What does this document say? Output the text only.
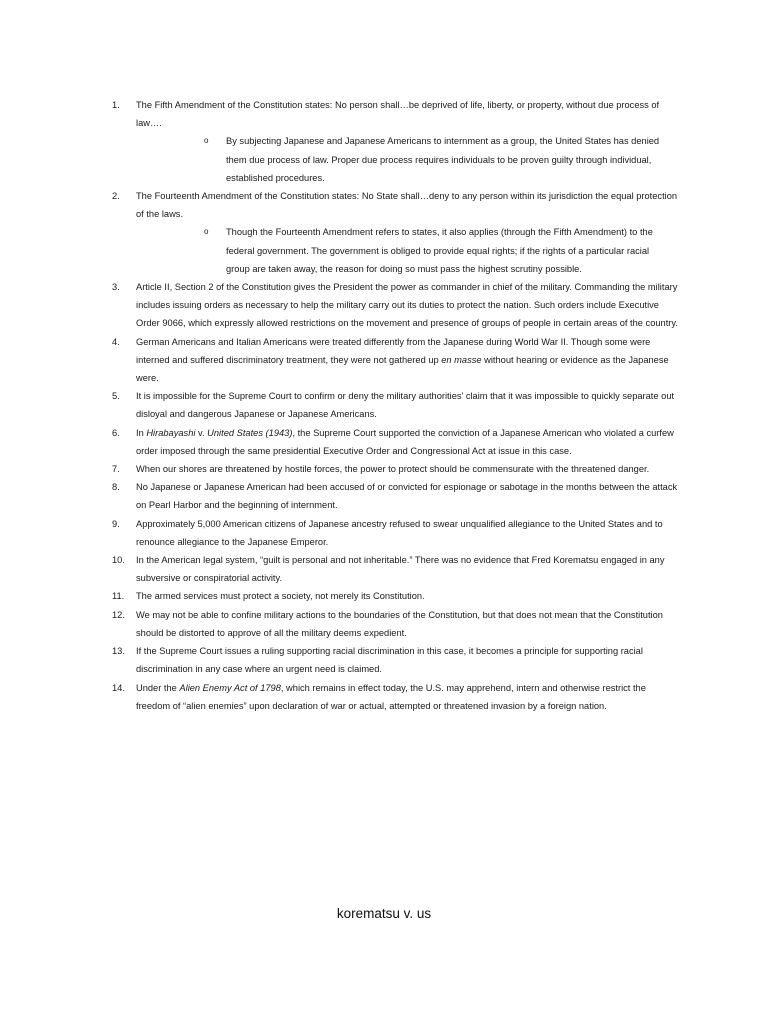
1.	The Fifth Amendment of the Constitution states: No person shall…be deprived of life, liberty, or property, without due process of law….
o By subjecting Japanese and Japanese Americans to internment as a group, the United States has denied them due process of law. Proper due process requires individuals to be proven guilty through individual, established procedures.
2.	The Fourteenth Amendment of the Constitution states: No State shall…deny to any person within its jurisdiction the equal protection of the laws.
o Though the Fourteenth Amendment refers to states, it also applies (through the Fifth Amendment) to the federal government. The government is obliged to provide equal rights; if the rights of a particular racial group are taken away, the reason for doing so must pass the highest scrutiny possible.
3.	Article II, Section 2 of the Constitution gives the President the power as commander in chief of the military. Commanding the military includes issuing orders as necessary to help the military carry out its duties to protect the nation. Such orders include Executive Order 9066, which expressly allowed restrictions on the movement and presence of groups of people in certain areas of the country.
4.	German Americans and Italian Americans were treated differently from the Japanese during World War II. Though some were interned and suffered discriminatory treatment, they were not gathered up en masse without hearing or evidence as the Japanese were.
5.	It is impossible for the Supreme Court to confirm or deny the military authorities’ claim that it was impossible to quickly separate out disloyal and dangerous Japanese or Japanese Americans.
6.	In Hirabayashi v. United States (1943), the Supreme Court supported the conviction of a Japanese American who violated a curfew order imposed through the same presidential Executive Order and Congressional Act at issue in this case.
7.	When our shores are threatened by hostile forces, the power to protect should be commensurate with the threatened danger.
8.	No Japanese or Japanese American had been accused of or convicted for espionage or sabotage in the months between the attack on Pearl Harbor and the beginning of internment.
9.	Approximately 5,000 American citizens of Japanese ancestry refused to swear unqualified allegiance to the United States and to renounce allegiance to the Japanese Emperor.
10.	In the American legal system, “guilt is personal and not inheritable.” There was no evidence that Fred Korematsu engaged in any subversive or conspiratorial activity.
11.	The armed services must protect a society, not merely its Constitution.
12.	We may not be able to confine military actions to the boundaries of the Constitution, but that does not mean that the Constitution should be distorted to approve of all the military deems expedient.
13.	If the Supreme Court issues a ruling supporting racial discrimination in this case, it becomes a principle for supporting racial discrimination in any case where an urgent need is claimed.
14.	Under the Alien Enemy Act of 1798, which remains in effect today, the U.S. may apprehend, intern and otherwise restrict the freedom of “alien enemies” upon declaration of war or actual, attempted or threatened invasion by a foreign nation.
korematsu v. us
